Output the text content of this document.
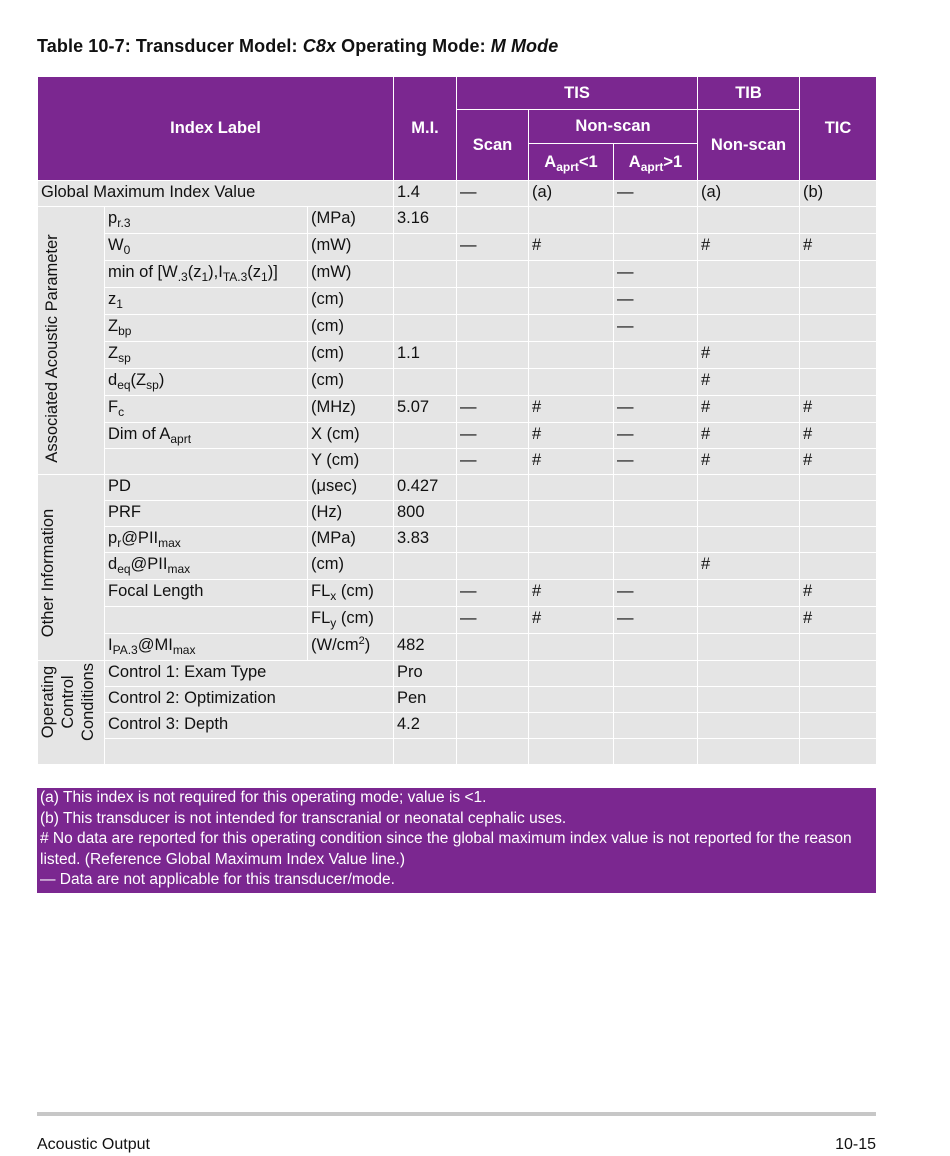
Table 10-7: Transducer Model: C8x Operating Mode: M Mode
Index Label			M.I.	TIS			TIB	TIC
				Scan	Non-scan		Non-scan	
					$A_{aprt}<1$	$A_{aprt}>1$		
Global Maximum Index Value			1.4	—	(a)	—	(a)	(b)

Associated Acoustic Parameter	$p_{r.3}$	(MPa)	3.16					
	$W_0$	(mW)		—	#		#	#
	min of $[W_{.3}(z_1),I_{TA.3}(z_1)]$	(mW)				—		
	$z_1$	(cm)				—		
	$Z_{bp}$	(cm)				—		
	$Z_{sp}$	(cm)	1.1				#	
	$d_{eq}(Z_{sp})$	(cm)					#	
	$F_c$	(MHz)	5.07	—	#	—	#	#
	Dim of $A_{aprt}$	X (cm)		—	#	—	#	#
		Y (cm)		—	#	—	#	#

Other Information	PD	(μsec)	0.427					
	PRF	(Hz)	800					
	$p_r@PII_{max}$	(MPa)	3.83					
	$d_{eq}@PII_{max}$	(cm)					#	
	Focal Length	$FL_x$ (cm)		—	#	—		#
		$FL_y$ (cm)		—	#	—		#
	$I_{PA.3}@MI_{max}$	$(W/cm^2)$	482					

Operating Control Conditions	Control 1: Exam Type		Pro					
	Control 2: Optimization		Pen					
	Control 3: Depth		4.2					

(a) This index is not required for this operating mode; value is <1.
(b) This transducer is not intended for transcranial or neonatal cephalic uses.
# No data are reported for this operating condition since the global maximum index value is not reported for the reason listed. (Reference Global Maximum Index Value line.)
— Data are not applicable for this transducer/mode.
Acoustic Output	10-15
